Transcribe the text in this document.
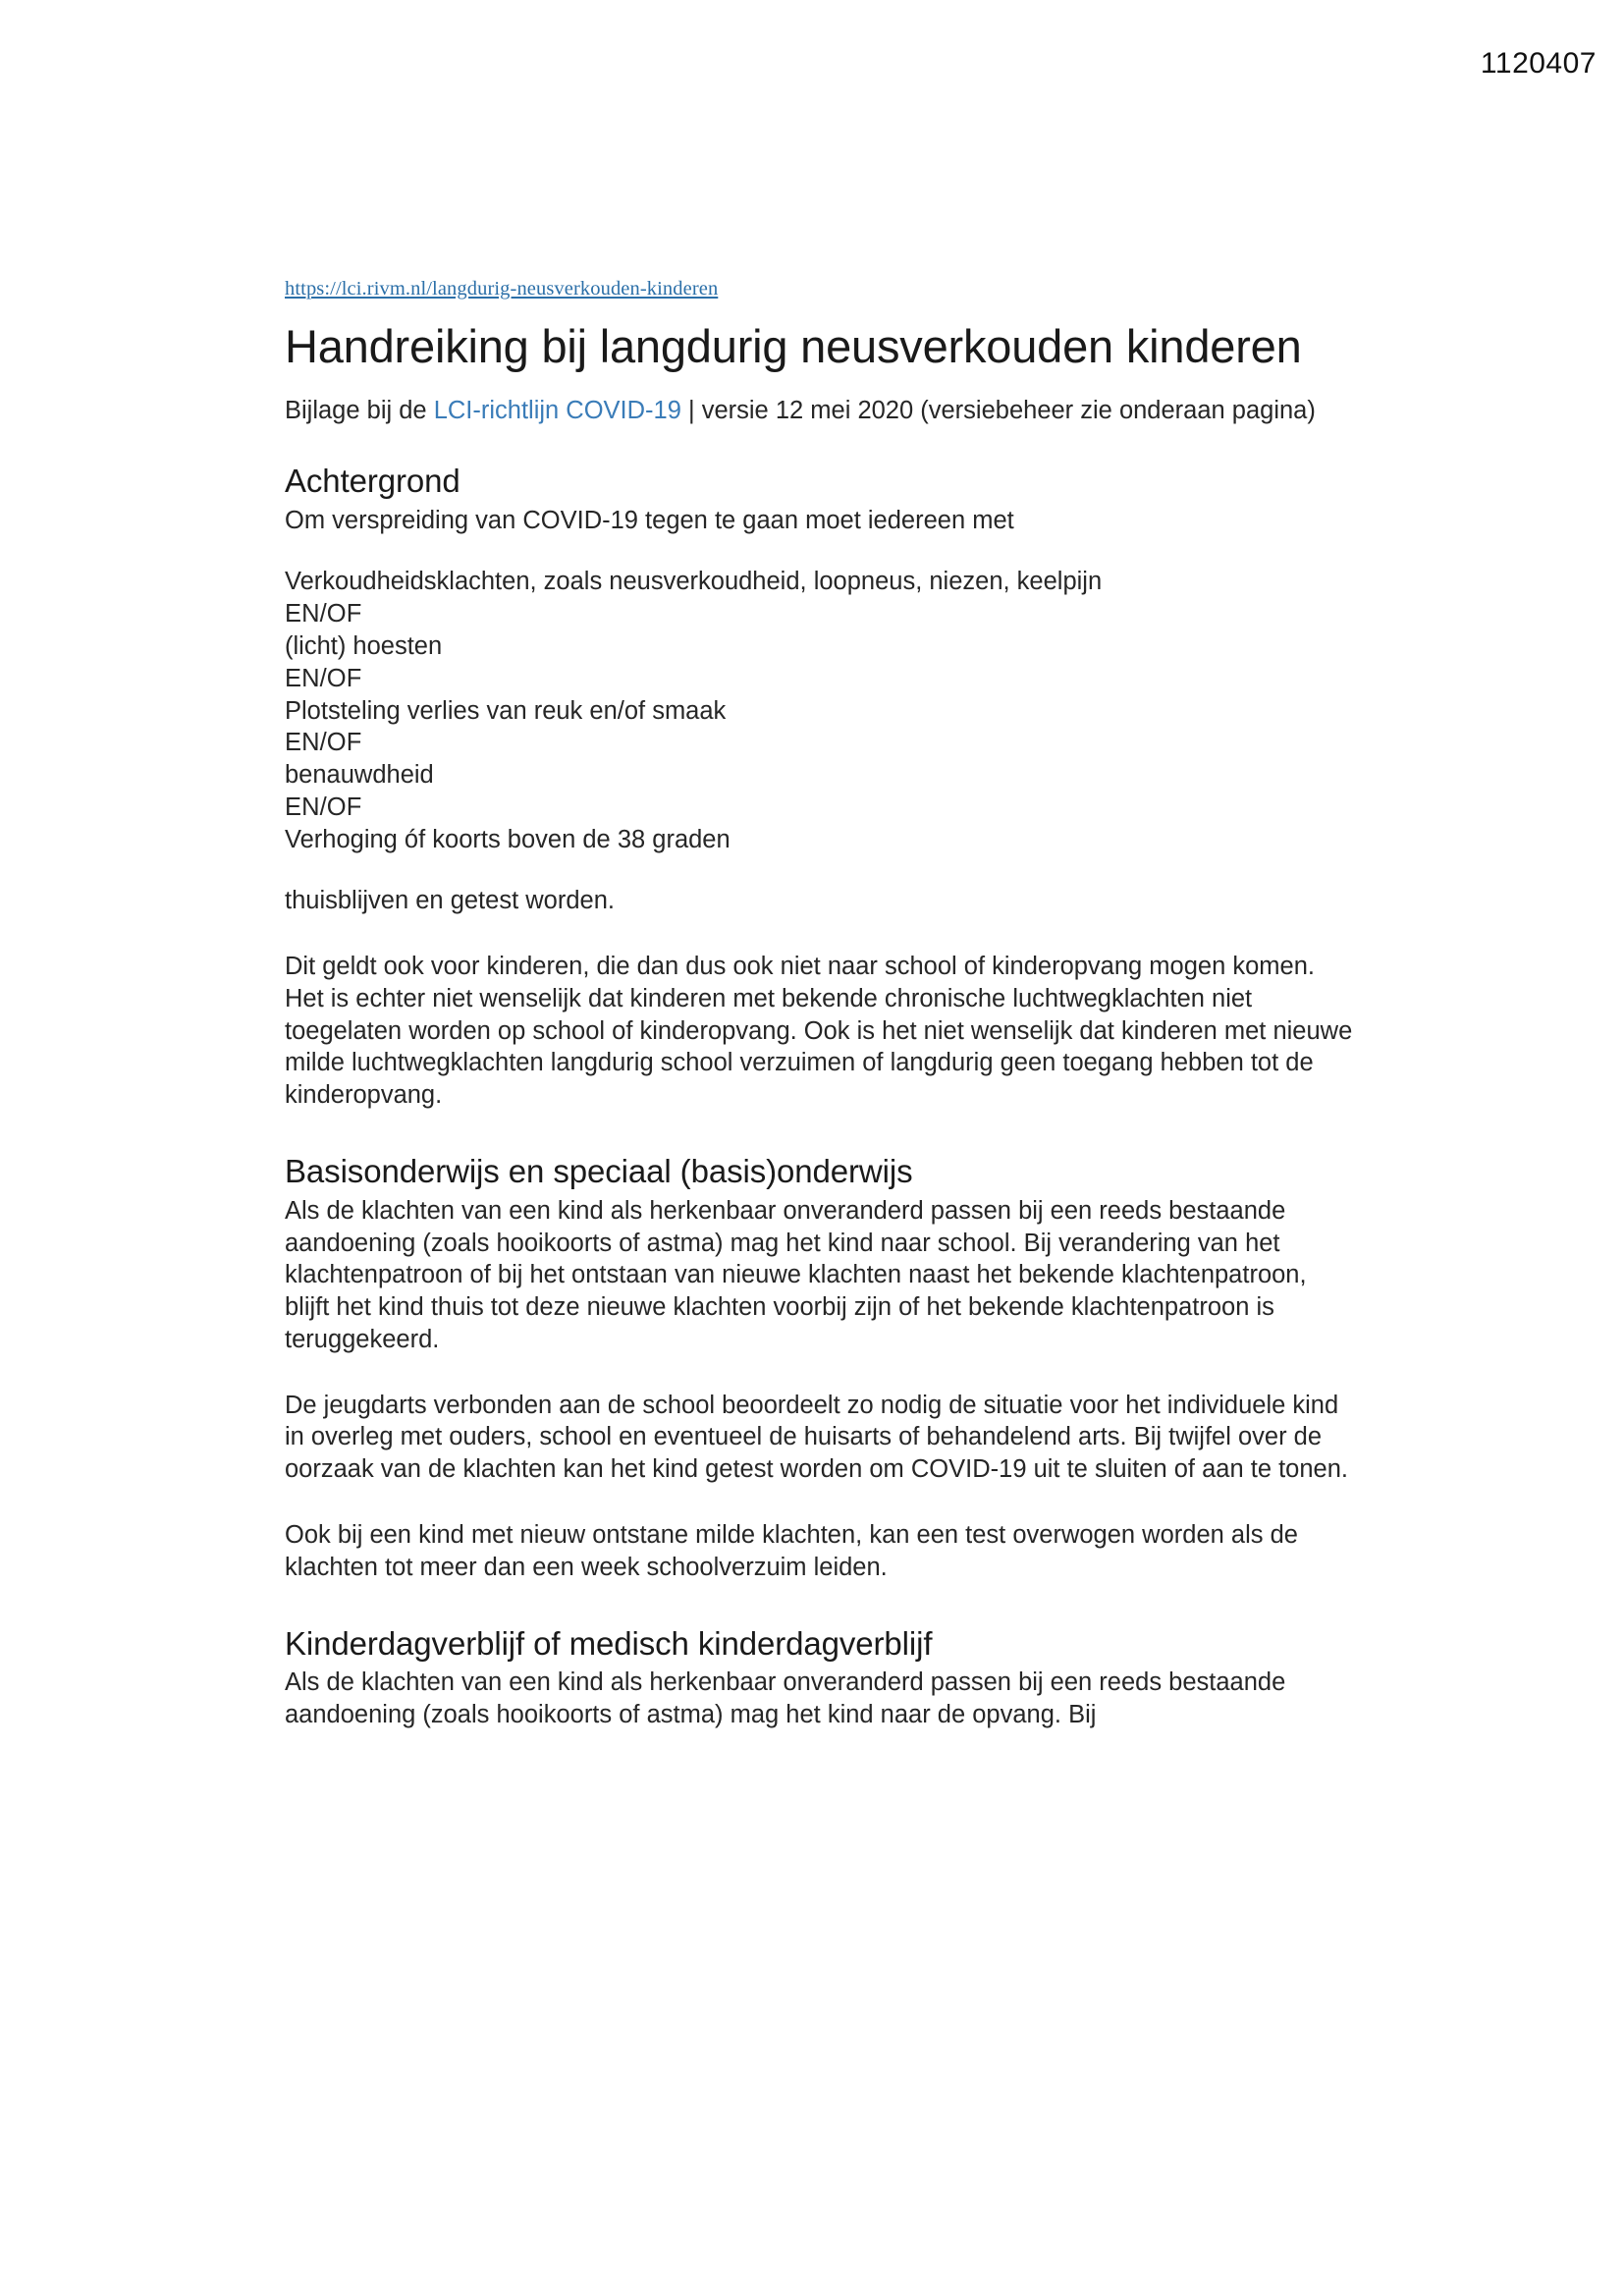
1120407
https://lci.rivm.nl/langdurig-neusverkouden-kinderen
Handreiking bij langdurig neusverkouden kinderen

Bijlage bij de LCI-richtlijn COVID-19 | versie 12 mei 2020 (versiebeheer zie onderaan pagina)

Achtergrond

Om verspreiding van COVID-19 tegen te gaan moet iedereen met

Verkoudheidsklachten, zoals neusverkoudheid, loopneus, niezen, keelpijn
EN/OF
(licht) hoesten
EN/OF
Plotsteling verlies van reuk en/of smaak
EN/OF
benauwdheid
EN/OF
Verhoging óf koorts boven de 38 graden

thuisblijven en getest worden.

Dit geldt ook voor kinderen, die dan dus ook niet naar school of kinderopvang mogen komen. Het is echter niet wenselijk dat kinderen met bekende chronische luchtwegklachten niet toegelaten worden op school of kinderopvang. Ook is het niet wenselijk dat kinderen met nieuwe milde luchtwegklachten langdurig school verzuimen of langdurig geen toegang hebben tot de kinderopvang.

Basisonderwijs en speciaal (basis)onderwijs

Als de klachten van een kind als herkenbaar onveranderd passen bij een reeds bestaande aandoening (zoals hooikoorts of astma) mag het kind naar school. Bij verandering van het klachtenpatroon of bij het ontstaan van nieuwe klachten naast het bekende klachtenpatroon, blijft het kind thuis tot deze nieuwe klachten voorbij zijn of het bekende klachtenpatroon is teruggekeerd.

De jeugdarts verbonden aan de school beoordeelt zo nodig de situatie voor het individuele kind in overleg met ouders, school en eventueel de huisarts of behandelend arts. Bij twijfel over de oorzaak van de klachten kan het kind getest worden om COVID-19 uit te sluiten of aan te tonen.

Ook bij een kind met nieuw ontstane milde klachten, kan een test overwogen worden als de klachten tot meer dan een week schoolverzuim leiden.

Kinderdagverblijf of medisch kinderdagverblijf

Als de klachten van een kind als herkenbaar onveranderd passen bij een reeds bestaande aandoening (zoals hooikoorts of astma) mag het kind naar de opvang. Bij
